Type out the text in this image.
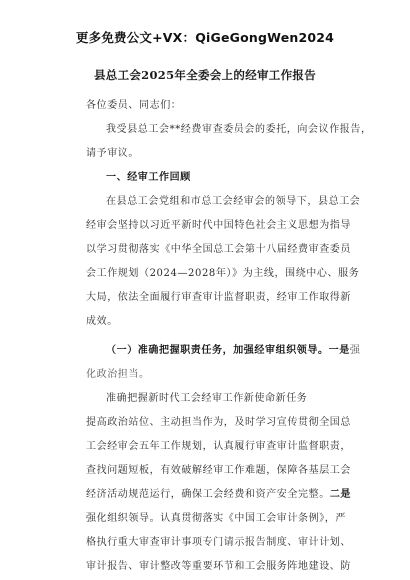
更多免费公文+VX：QiGeGongWen2024
县总工会2025年全委会上的经审工作报告
各位委员、同志们：
我受县总工会**经费审查委员会的委托，向会议作报告，
请予审议。
一、经审工作回顾
在县总工会党组和市总工会经审会的领导下，县总工会
经审会坚持以习近平新时代中国特色社会主义思想为指导
以学习贯彻落实《中华全国总工会第十八届经费审查委员
会工作规划（2024—2028年）》为主线，围绕中心、服务
大局，依法全面履行审查审计监督职责，经审工作取得新
成效。
（一）准确把握职责任务，加强经审组织领导。一是强
化政治担当。
准确把握新时代工会经审工作新使命新任务
提高政治站位、主动担当作为，及时学习宣传贯彻全国总
工会经审会五年工作规划，认真履行审查审计监督职责，
查找问题短板，有效破解经审工作难题，保障各基层工会
经济活动规范运行，确保工会经费和资产安全完整。二是
强化组织领导。认真贯彻落实《中国工会审计条例》，严
格执行重大审查审计事项专门请示报告制度、审计计划、
审计报告、审计整改等重要环节和工会服务阵地建设、防
